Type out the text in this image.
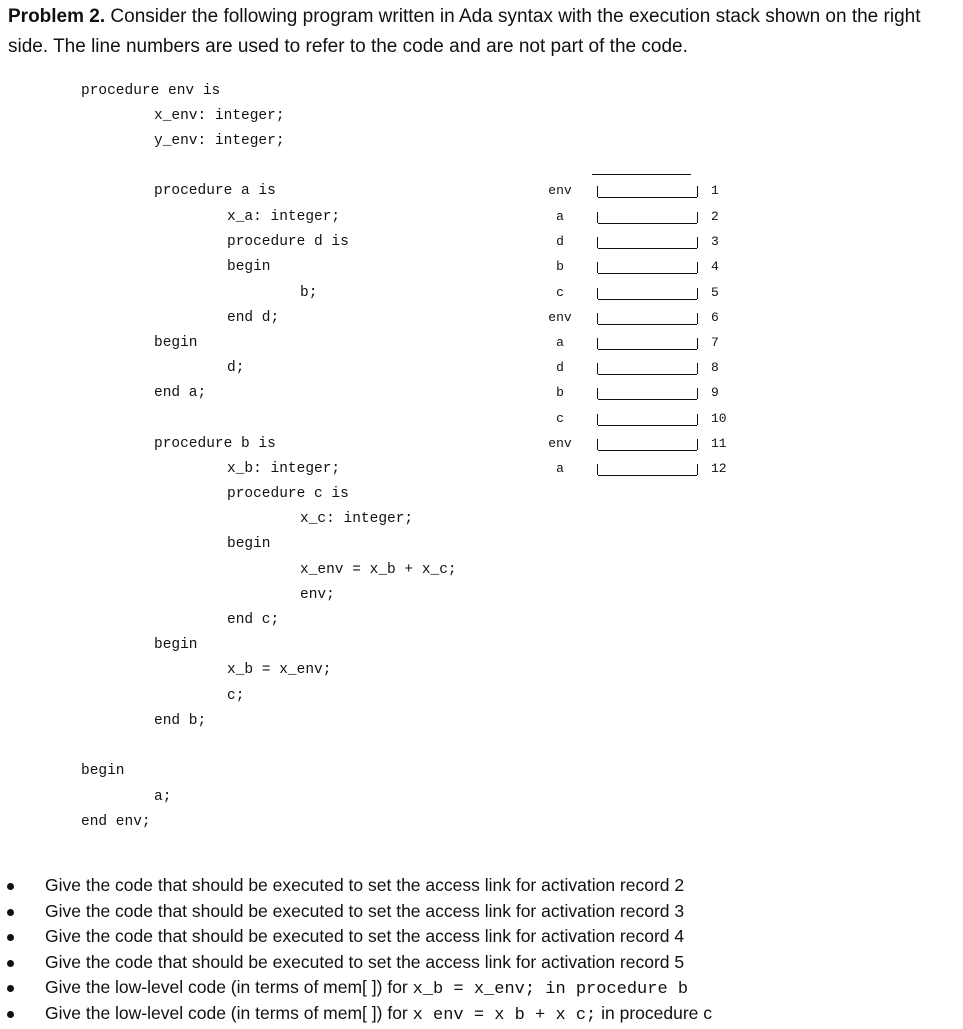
Problem 2. Consider the following program written in Ada syntax with the execution stack shown on the right side. The line numbers are used to refer to the code and are not part of the code.

procedure env is
x_env: integer;
y_env: integer;
procedure a is
x_a: integer;
procedure d is
begin
b;
end d;
begin
d;
end a;
procedure b is
x_b: integer;
procedure c is
x_c: integer;
begin
x_env = x_b + x_c;
env;
end c;
begin
x_b = x_env;
c;
end b;
begin
a;
end env;
env	1
a	2
d	3
b	4
c	5
env	6
a	7
d	8
b	9
c	10
env	11
a	12
Give the code that should be executed to set the access link for activation record 2
Give the code that should be executed to set the access link for activation record 3
Give the code that should be executed to set the access link for activation record 4
Give the code that should be executed to set the access link for activation record 5
Give the low-level code (in terms of mem[ ]) for x_b = x_env; in procedure b
Give the low-level code (in terms of mem[ ]) for x env = x b + x c; in procedure c
